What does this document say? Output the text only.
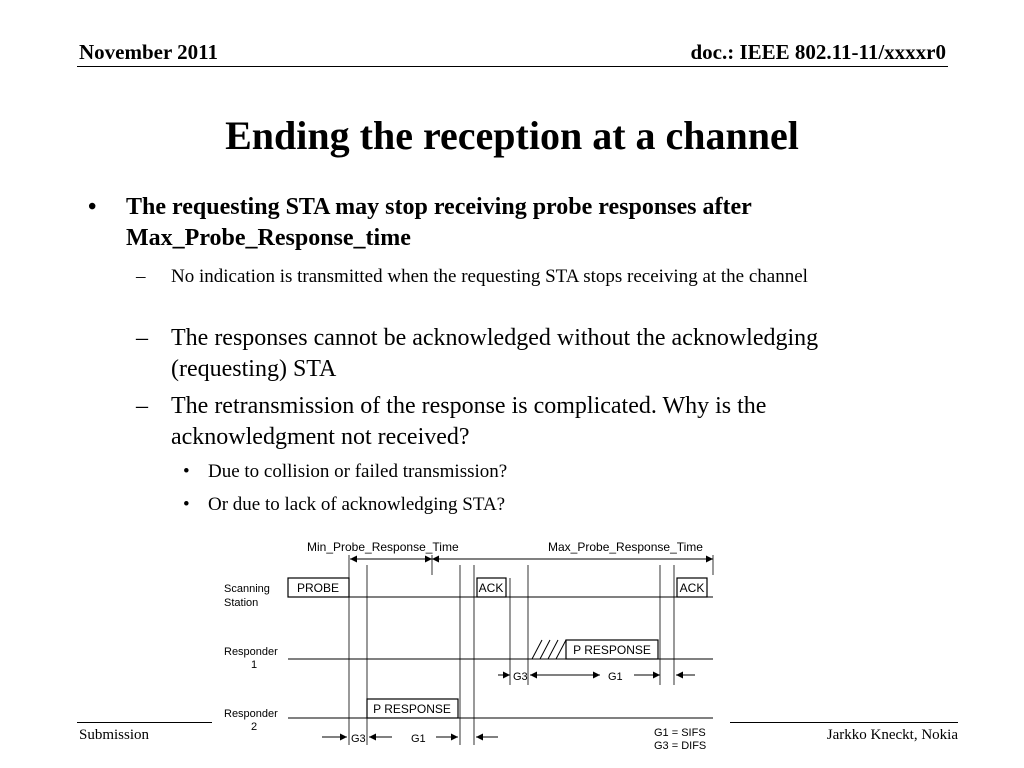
November 2011	doc.: IEEE 802.11-11/xxxxr0
Ending the reception at a channel
• The requesting STA may stop receiving probe responses after Max_Probe_Response_time
– No indication is transmitted when the requesting STA stops receiving at the channel
– The responses cannot be acknowledged without the acknowledging (requesting) STA
– The retransmission of the response is complicated. Why is the acknowledgment not received?
• Due to collision or failed transmission?
• Or due to lack of acknowledging STA?
Min_Probe_Response_Time	Max_Probe_Response_Time
Scanning
Station
Responder
1
Responder
2
PROBE	ACK	ACK
P RESPONSE
G3	G1
P RESPONSE
G3	G1	G1 = SIFS
G3 = DIFS
Submission	Jarkko Kneckt, Nokia
